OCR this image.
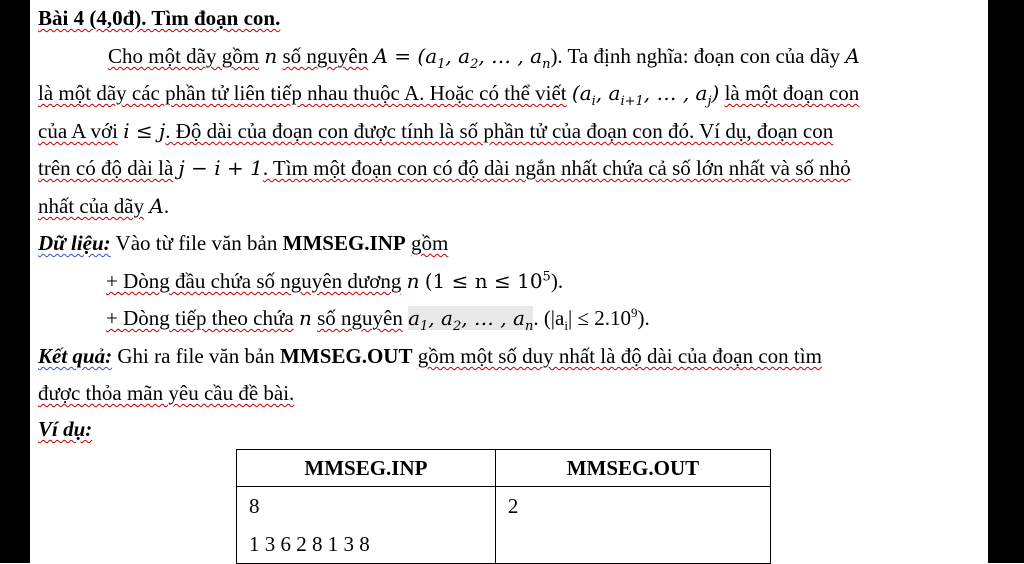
Bài 4 (4,0đ). Tìm đoạn con.
Cho một dãy gồm n số nguyên $A = (a_1$, $a_2$, … , $a_n$). Ta định nghĩa: đoạn con của dãy A
là một dãy các phần tử liên tiếp nhau thuộc A. Hoặc có thể viết ($a_i$, $a_{i+1}$, … , $a_j$) là một đoạn con
của A với i ≤ j. Độ dài của đoạn con được tính là số phần tử của đoạn con đó. Ví dụ, đoạn con
trên có độ dài là j − i + 1. Tìm một đoạn con có độ dài ngắn nhất chứa cả số lớn nhất và số nhỏ
nhất của dãy A.
Dữ liệu: Vào từ file văn bản MMSEG.INP gồm
+ Dòng đầu chứa số nguyên dương n $(1 \le n \le 10^5)$.
+ Dòng tiếp theo chứa n số nguyên $a_1$, $a_2$, … , $a_n$. $(|a_i| \le 2.10^9)$.
Kết quả: Ghi ra file văn bản MMSEG.OUT gồm một số duy nhất là độ dài của đoạn con tìm
được thỏa mãn yêu cầu đề bài.
Ví dụ:
MMSEG.INP	MMSEG.OUT

8
1 3 6 2 8 1 3 8	2
